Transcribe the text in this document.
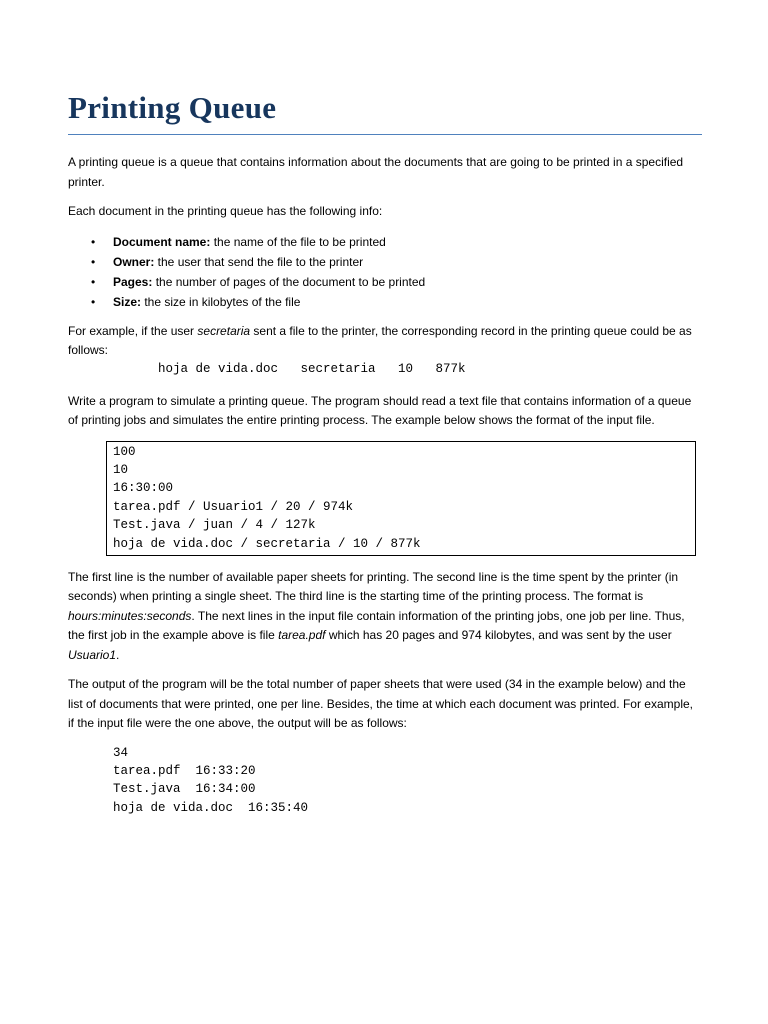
Printing Queue

A printing queue is a queue that contains information about the documents that are going to be printed in a specified printer.

Each document in the printing queue has the following info:

• Document name: the name of the file to be printed
• Owner: the user that send the file to the printer
• Pages: the number of pages of the document to be printed
• Size: the size in kilobytes of the file

For example, if the user secretaria sent a file to the printer, the corresponding record in the printing queue could be as follows:

hoja de vida.doc   secretaria   10   877k

Write a program to simulate a printing queue. The program should read a text file that contains information of a queue of printing jobs and simulates the entire printing process. The example below shows the format of the input file.

100
10
16:30:00
tarea.pdf / Usuario1 / 20 / 974k
Test.java / juan / 4 / 127k
hoja de vida.doc / secretaria / 10 / 877k

The first line is the number of available paper sheets for printing. The second line is the time spent by the printer (in seconds) when printing a single sheet. The third line is the starting time of the printing process. The format is hours:minutes:seconds. The next lines in the input file contain information of the printing jobs, one job per line. Thus, the first job in the example above is file tarea.pdf which has 20 pages and 974 kilobytes, and was sent by the user Usuario1.

The output of the program will be the total number of paper sheets that were used (34 in the example below) and the list of documents that were printed, one per line. Besides, the time at which each document was printed. For example, if the input file were the one above, the output will be as follows:

34
tarea.pdf  16:33:20
Test.java  16:34:00
hoja de vida.doc  16:35:40
